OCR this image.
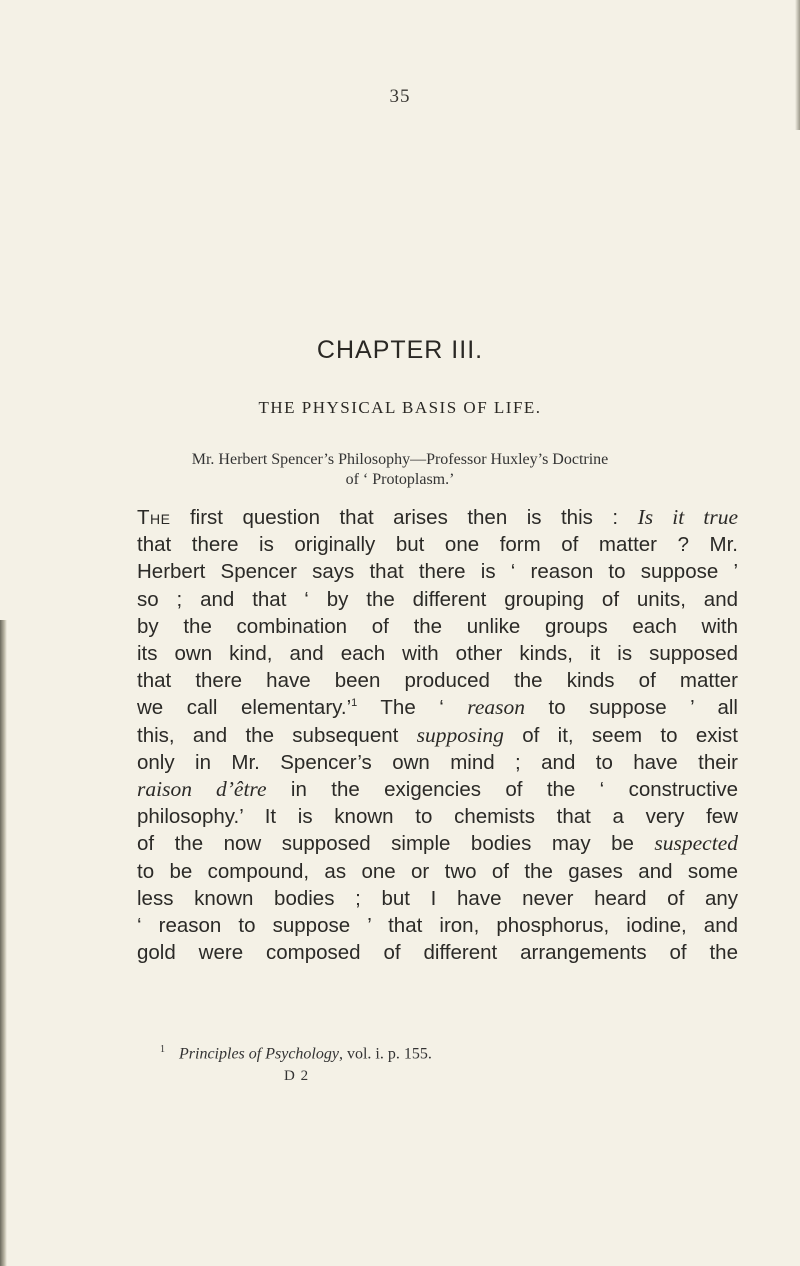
35
CHAPTER III.
THE PHYSICAL BASIS OF LIFE.
Mr. Herbert Spencer’s Philosophy—Professor Huxley’s Doctrine
of ‘ Protoplasm.’
The first question that arises then is this : Is it true
that there is originally but one form of matter ? Mr.
Herbert Spencer says that there is ‘ reason to suppose ’
so ; and that ‘ by the different grouping of units, and
by the combination of the unlike groups each with
its own kind, and each with other kinds, it is supposed
that there have been produced the kinds of matter
we call elementary.’$^1$ The ‘ reason to suppose ’ all
this, and the subsequent supposing of it, seem to exist
only in Mr. Spencer’s own mind ; and to have their
raison d’être in the exigencies of the ‘ constructive
philosophy.’ It is known to chemists that a very few
of the now supposed simple bodies may be suspected
to be compound, as one or two of the gases and some
less known bodies ; but I have never heard of any
‘ reason to suppose ’ that iron, phosphorus, iodine, and
gold were composed of different arrangements of the
$^1$ Principles of Psychology, vol. i. p. 155.
D 2
